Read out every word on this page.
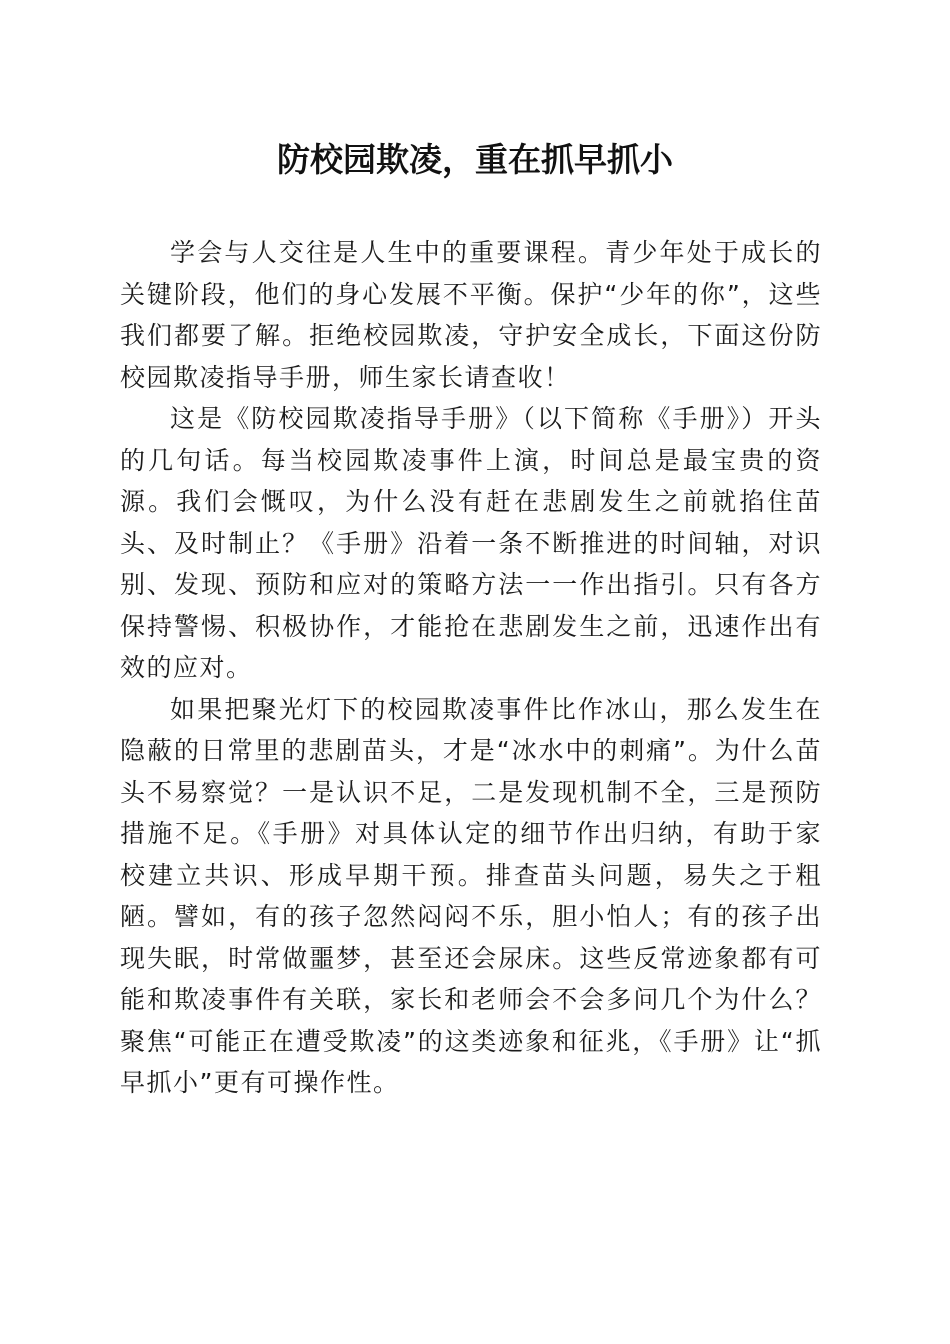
防校园欺凌，重在抓早抓小

学会与人交往是人生中的重要课程。青少年处于成长的关键阶段，他们的身心发展不平衡。保护“少年的你”，这些我们都要了解。拒绝校园欺凌，守护安全成长，下面这份防校园欺凌指导手册，师生家长请查收！

这是《防校园欺凌指导手册》（以下简称《手册》）开头的几句话。每当校园欺凌事件上演，时间总是最宝贵的资源。我们会慨叹，为什么没有赶在悲剧发生之前就掐住苗头、及时制止？《手册》沿着一条不断推进的时间轴，对识别、发现、预防和应对的策略方法一一作出指引。只有各方保持警惕、积极协作，才能抢在悲剧发生之前，迅速作出有效的应对。

如果把聚光灯下的校园欺凌事件比作冰山，那么发生在隐蔽的日常里的悲剧苗头，才是“冰水中的刺痛”。为什么苗头不易察觉？一是认识不足，二是发现机制不全，三是预防措施不足。《手册》对具体认定的细节作出归纳，有助于家校建立共识、形成早期干预。排查苗头问题，易失之于粗陋。譬如，有的孩子忽然闷闷不乐，胆小怕人；有的孩子出现失眠，时常做噩梦，甚至还会尿床。这些反常迹象都有可能和欺凌事件有关联，家长和老师会不会多问几个为什么？聚焦“可能正在遭受欺凌”的这类迹象和征兆，《手册》让“抓早抓小”更有可操作性。
